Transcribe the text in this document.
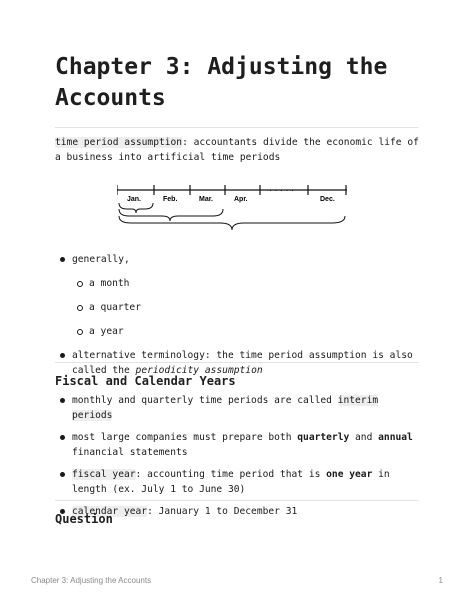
Chapter 3: Adjusting the Accounts

time period assumption: accountants divide the economic life of a business into artificial time periods

· · · · ·
Jan.	Feb.	Mar.	Apr.	Dec.
generally,
a month
a quarter
a year
alternative terminology: the time period assumption is also called the periodicity assumption
Fiscal and Calendar Years
monthly and quarterly time periods are called interim periods
most large companies must prepare both quarterly and annual financial statements
fiscal year: accounting time period that is one year in length (ex. July 1 to June 30)
calendar year: January 1 to December 31
Question
Chapter 3: Adjusting the Accounts	1
